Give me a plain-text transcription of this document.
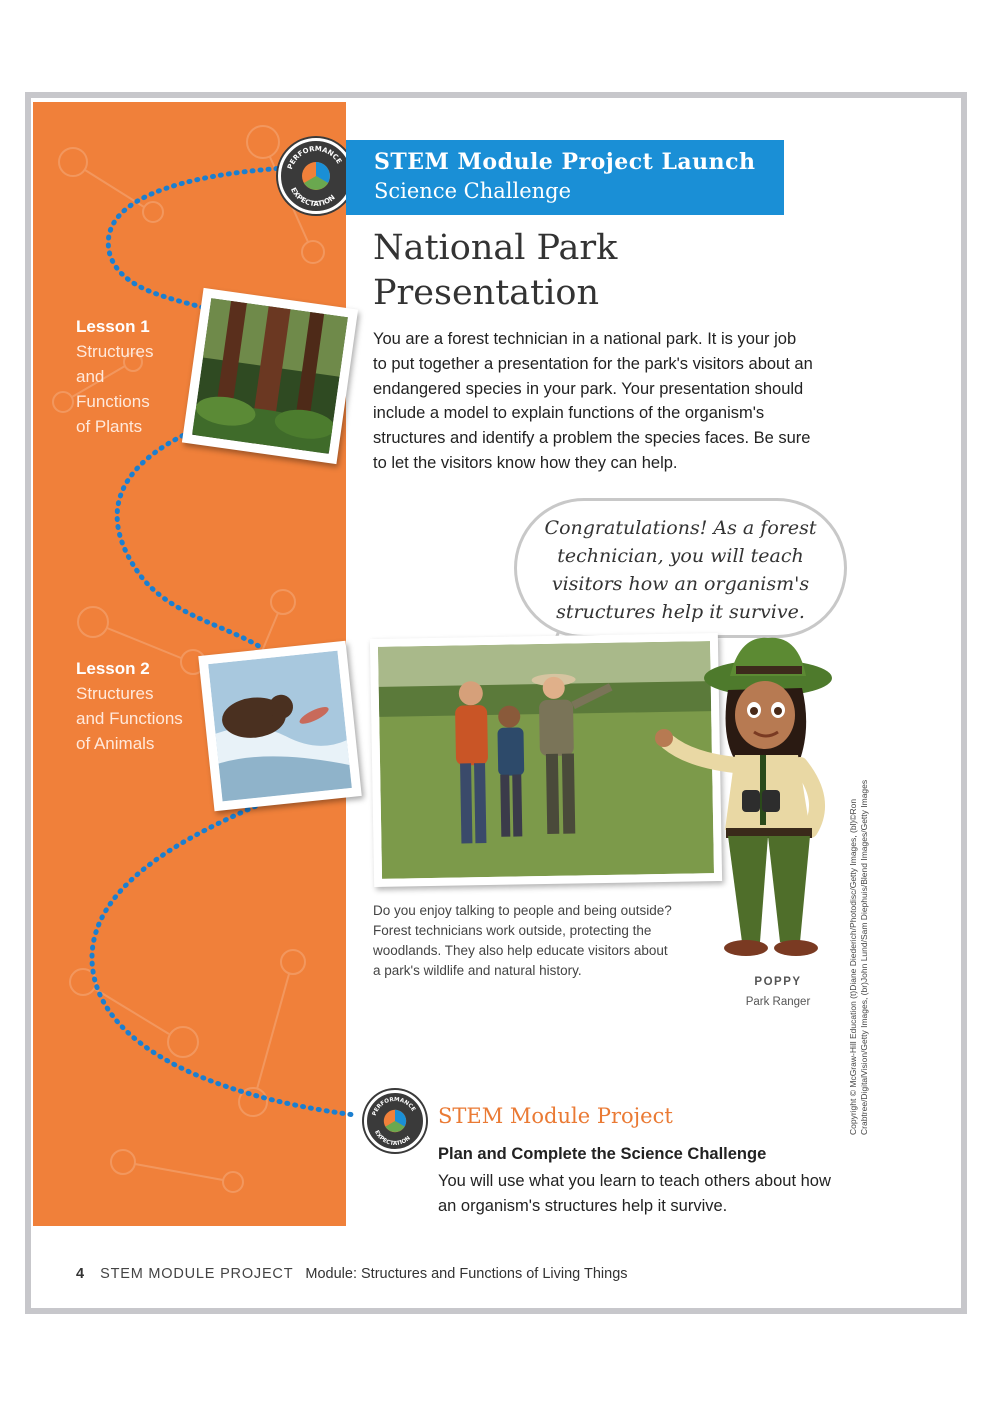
Lesson 1
Structures and Functions of Plants
Lesson 2
Structures and Functions of Animals
PERFORMANCE
EXPECTATION
STEM Module Project Launch
Science Challenge
National Park
Presentation
You are a forest technician in a national park. It is your job to put together a presentation for the park's visitors about an endangered species in your park. Your presentation should include a model to explain functions of the organism's structures and identify a problem the species faces. Be sure to let the visitors know how they can help.
Congratulations! As a forest technician, you will teach visitors how an organism's structures help it survive.
Do you enjoy talking to people and being outside? Forest technicians work outside, protecting the woodlands. They also help educate visitors about a park's wildlife and natural history.
POPPY
Park Ranger	Copyright © McGraw-Hill Education (t)Diane Diederich/Photodisc/Getty Images, (bl)©Ron Crabtree/DigitalVision/Getty Images, (br)John Lund/Sam Diephuis/Blend Images/Getty Images
PERFORMANCE
EXPECTATION
STEM Module Project
Plan and Complete the Science Challenge
You will use what you learn to teach others about how an organism's structures help it survive.
4 STEM MODULE PROJECT Module: Structures and Functions of Living Things
